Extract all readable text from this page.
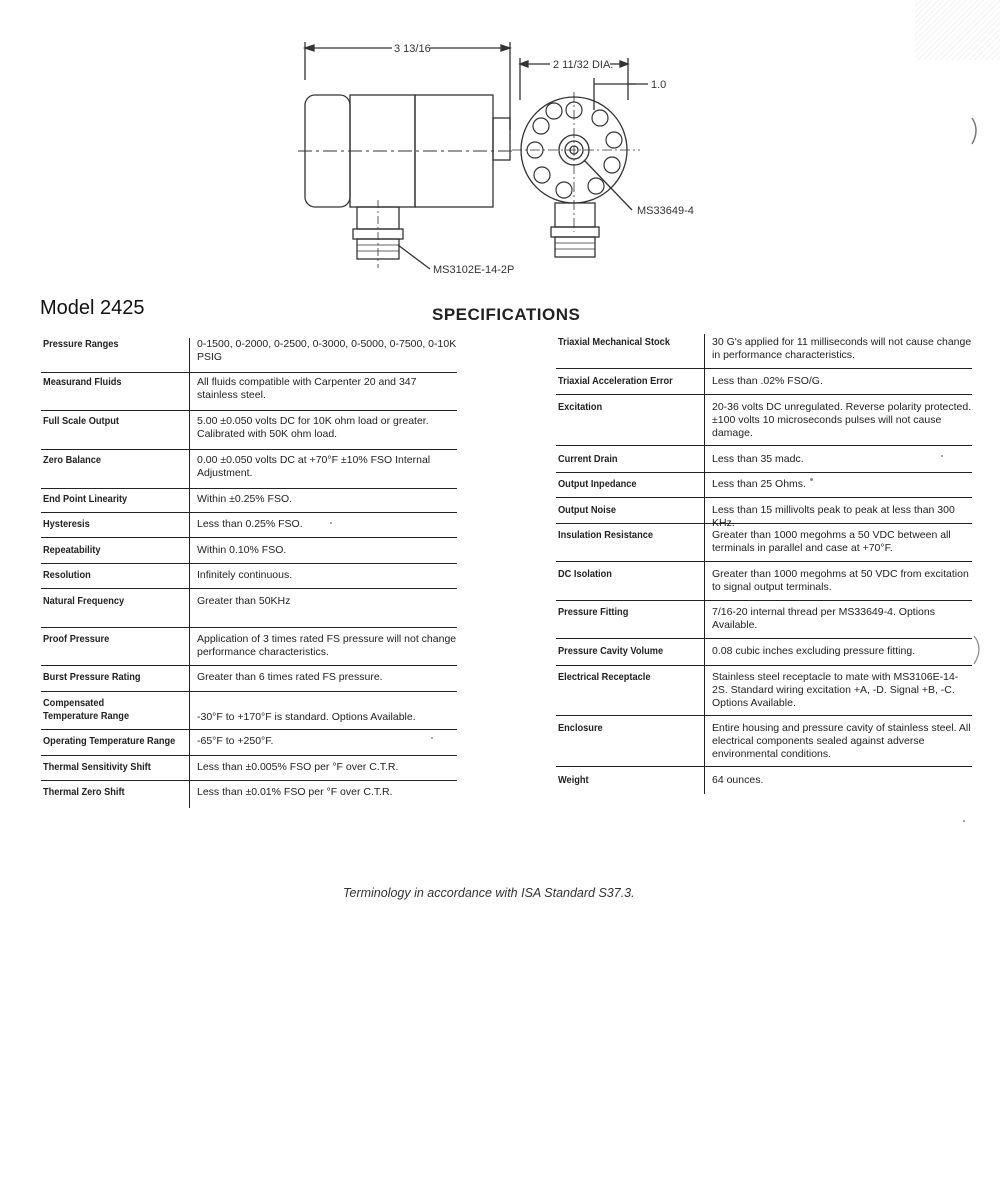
3 13/16
2 11/32 DIA.
1.0
MS33649-4
MS3102E-14-2P
Model 2425	SPECIFICATIONS
Pressure Ranges	0-1500, 0-2000, 0-2500, 0-3000, 0-5000, 0-7500, 0-10K PSIG
Measurand Fluids	All fluids compatible with Carpenter 20 and 347 stainless steel.
Full Scale Output	5.00 ±0.050 volts DC for 10K ohm load or greater. Calibrated with 50K ohm load.
Zero Balance	0.00 ±0.050 volts DC at +70°F ±10% FSO Internal Adjustment.
End Point Linearity	Within ±0.25% FSO.
Hysteresis	Less than 0.25% FSO.
Repeatability	Within 0.10% FSO.
Resolution	Infinitely continuous.
Natural Frequency	Greater than 50KHz
Proof Pressure	Application of 3 times rated FS pressure will not change performance characteristics.
Burst Pressure Rating	Greater than 6 times rated FS pressure.
Compensated Temperature Range	-30°F to +170°F is standard. Options Available.
Operating Temperature Range -65°F to +250°F.
Thermal Sensitivity Shift	Less than ±0.005% FSO per °F over C.T.R.
Thermal Zero Shift	Less than ±0.01% FSO per °F over C.T.R.
Triaxial Mechanical Stock	30 G's applied for 11 milliseconds will not cause change in performance characteristics.
Triaxial Acceleration Error	Less than .02% FSO/G.
Excitation	20-36 volts DC unregulated. Reverse polarity protected. ±100 volts 10 microseconds pulses will not cause damage.
Current Drain	Less than 35 madc.
Output Inpedance	Less than 25 Ohms.
Output Noise	Less than 15 millivolts peak to peak at less than 300 KHz.
Insulation Resistance	Greater than 1000 megohms a 50 VDC between all terminals in parallel and case at +70°F.
DC Isolation	Greater than 1000 megohms at 50 VDC from excitation to signal output terminals.
Pressure Fitting	7/16-20 internal thread per MS33649-4. Options Available.
Pressure Cavity Volume	0.08 cubic inches excluding pressure fitting.
Electrical Receptacle	Stainless steel receptacle to mate with MS3106E-14-2S. Standard wiring excitation +A, -D. Signal +B, -C. Options Available.
Enclosure	Entire housing and pressure cavity of stainless steel. All electrical components sealed against adverse environmental conditions.
Weight	64 ounces.
Terminology in accordance with ISA Standard S37.3.
